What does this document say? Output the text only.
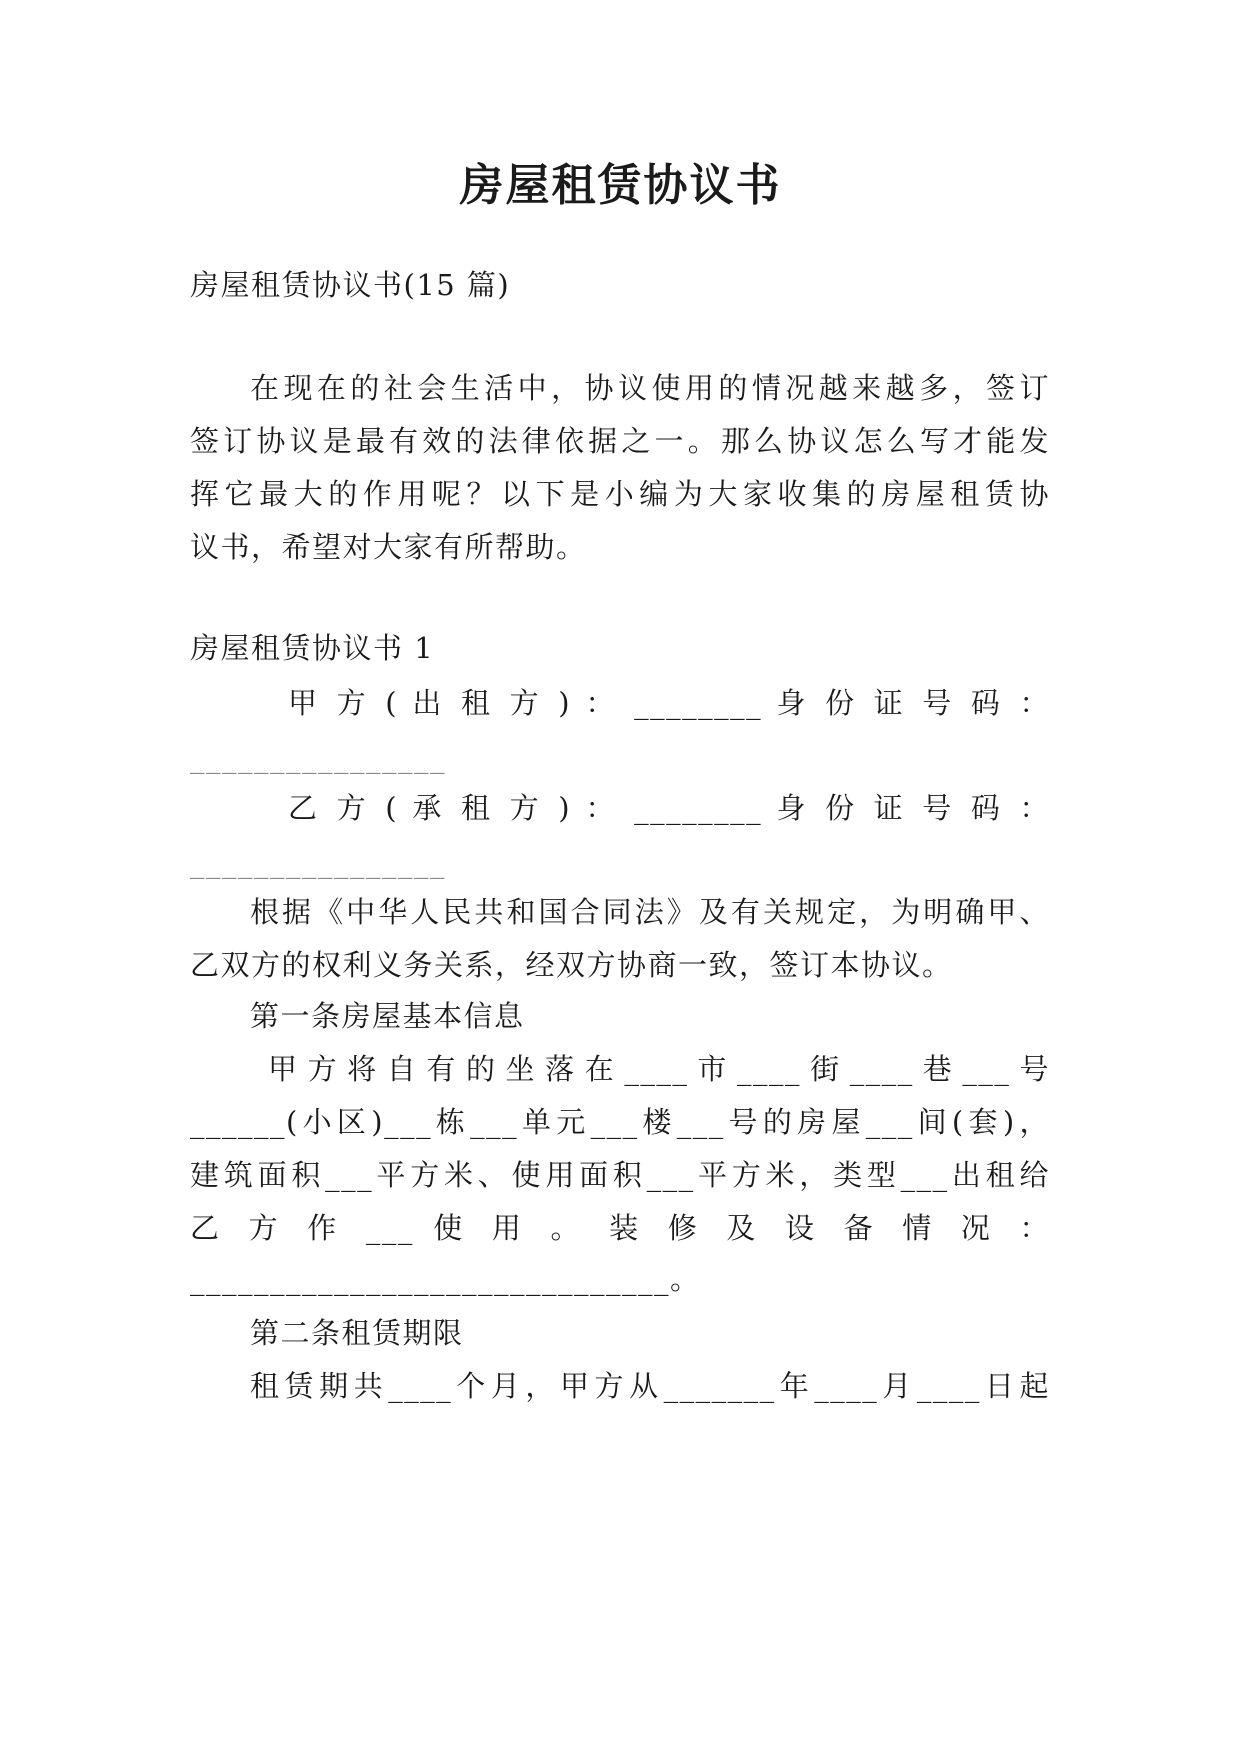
房屋租赁协议书
房屋租赁协议书(15 篇)
在现在的社会生活中，协议使用的情况越来越多，签订
签订协议是最有效的法律依据之一。那么协议怎么写才能发
挥它最大的作用呢？以下是小编为大家收集的房屋租赁协
议书，希望对大家有所帮助。
房屋租赁协议书 1
甲 方 ( 出 租 方 ) ： ________ 身 份 证 号 码 ：
________________
乙 方 ( 承 租 方 ) ： ________ 身 份 证 号 码 ：
________________
根据《中华人民共和国合同法》及有关规定，为明确甲、
乙双方的权利义务关系，经双方协商一致，签订本协议。
第一条房屋基本信息
甲方将自有的坐落在____市____街____巷___号
______(小区)___栋___单元___楼___号的房屋___间(套)，
建筑面积___平方米、使用面积___平方米，类型___出租给
乙 方 作 ___ 使 用 。 装 修 及 设 备 情 况 ：
______________________________。
第二条租赁期限
租赁期共____个月，甲方从_______年____月____日起
